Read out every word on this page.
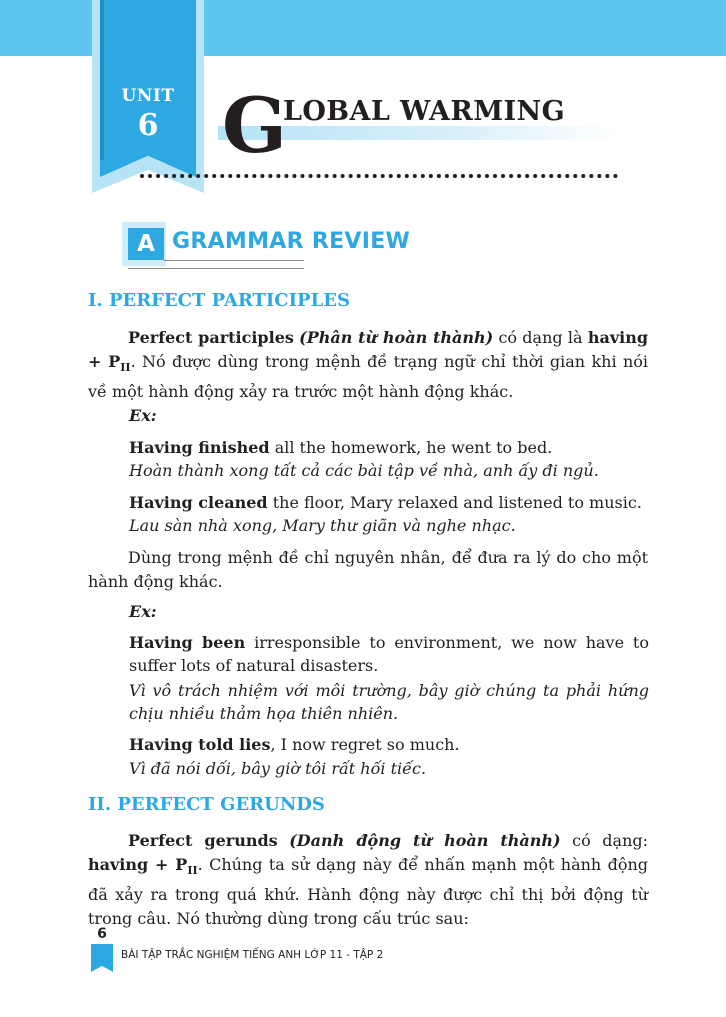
UNIT
6 G
LOBAL WARMING
A GRAMMAR REVIEW
I. PERFECT PARTICIPLES

Perfect participles (Phân từ hoàn thành) có dạng là having + $P_{II}$. Nó được dùng trong mệnh đề trạng ngữ chỉ thời gian khi nói về một hành động xảy ra trước một hành động khác.

Ex:

Having finished all the homework, he went to bed.

Hoàn thành xong tất cả các bài tập về nhà, anh ấy đi ngủ.

Having cleaned the floor, Mary relaxed and listened to music.

Lau sàn nhà xong, Mary thư giãn và nghe nhạc.

Dùng trong mệnh đề chỉ nguyên nhân, để đưa ra lý do cho một hành động khác.

Ex:

Having been irresponsible to environment, we now have to suffer lots of natural disasters.

Vì vô trách nhiệm với môi trường, bây giờ chúng ta phải hứng chịu nhiều thảm họa thiên nhiên.

Having told lies, I now regret so much.

Vì đã nói dối, bây giờ tôi rất hối tiếc.

II. PERFECT GERUNDS

Perfect gerunds (Danh động từ hoàn thành) có dạng: having + $P_{II}$. Chúng ta sử dạng này để nhấn mạnh một hành động đã xảy ra trong quá khứ. Hành động này được chỉ thị bởi động từ trong câu. Nó thường dùng trong cấu trúc sau:

6
BÀI TẬP TRẮC NGHIỆM TIẾNG ANH LỚP 11 - TẬP 2
